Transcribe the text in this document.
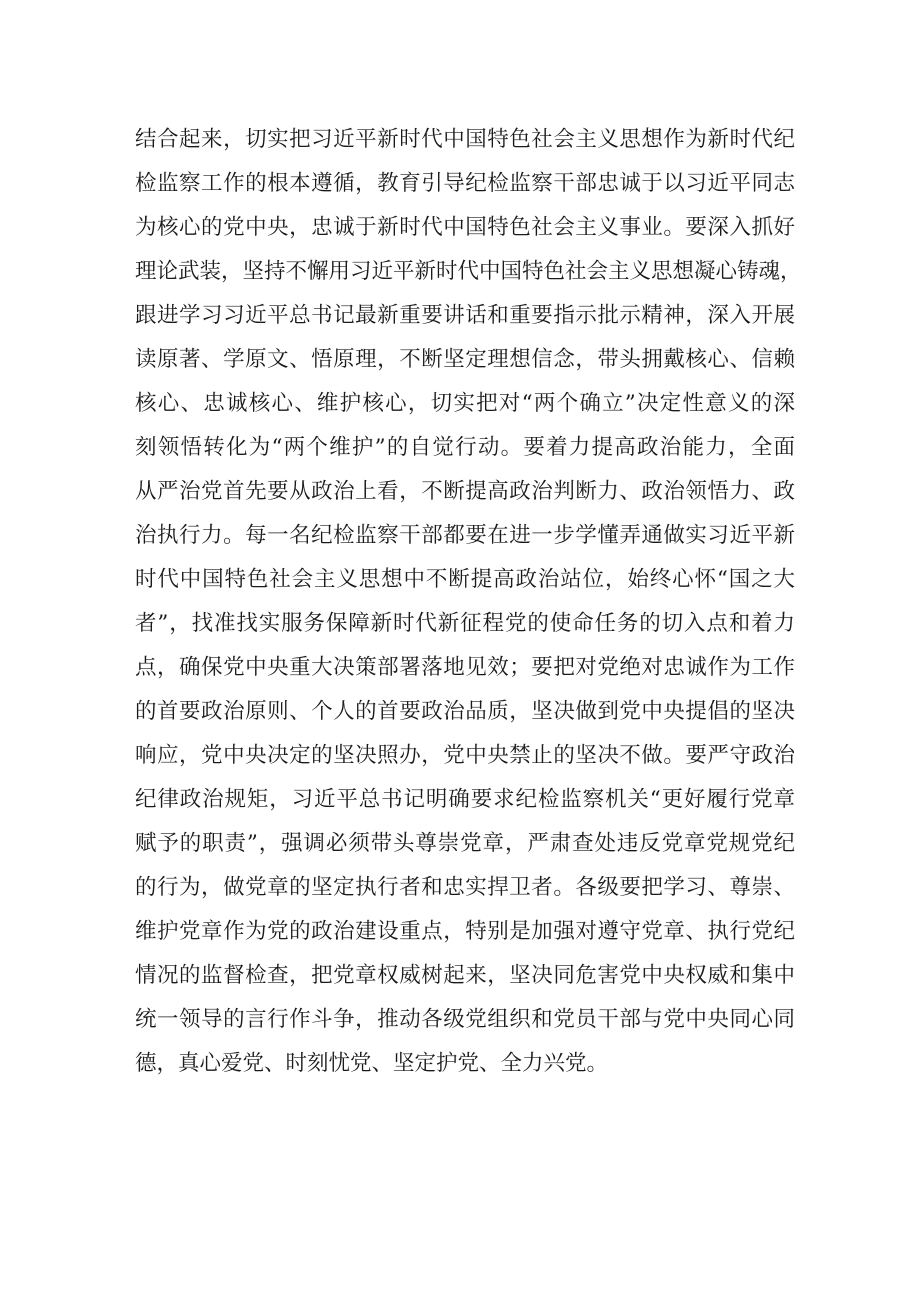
结合起来，切实把习近平新时代中国特色社会主义思想作为新时代纪
检监察工作的根本遵循，教育引导纪检监察干部忠诚于以习近平同志
为核心的党中央，忠诚于新时代中国特色社会主义事业。要深入抓好
理论武装，坚持不懈用习近平新时代中国特色社会主义思想凝心铸魂，
跟进学习习近平总书记最新重要讲话和重要指示批示精神，深入开展
读原著、学原文、悟原理，不断坚定理想信念，带头拥戴核心、信赖
核心、忠诚核心、维护核心，切实把对“两个确立”决定性意义的深
刻领悟转化为“两个维护”的自觉行动。要着力提高政治能力，全面
从严治党首先要从政治上看，不断提高政治判断力、政治领悟力、政
治执行力。每一名纪检监察干部都要在进一步学懂弄通做实习近平新
时代中国特色社会主义思想中不断提高政治站位，始终心怀“国之大
者”，找准找实服务保障新时代新征程党的使命任务的切入点和着力
点，确保党中央重大决策部署落地见效；要把对党绝对忠诚作为工作
的首要政治原则、个人的首要政治品质，坚决做到党中央提倡的坚决
响应，党中央决定的坚决照办，党中央禁止的坚决不做。要严守政治
纪律政治规矩，习近平总书记明确要求纪检监察机关“更好履行党章
赋予的职责”，强调必须带头尊崇党章，严肃查处违反党章党规党纪
的行为，做党章的坚定执行者和忠实捍卫者。各级要把学习、尊崇、
维护党章作为党的政治建设重点，特别是加强对遵守党章、执行党纪
情况的监督检查，把党章权威树起来，坚决同危害党中央权威和集中
统一领导的言行作斗争，推动各级党组织和党员干部与党中央同心同
德，真心爱党、时刻忧党、坚定护党、全力兴党。
